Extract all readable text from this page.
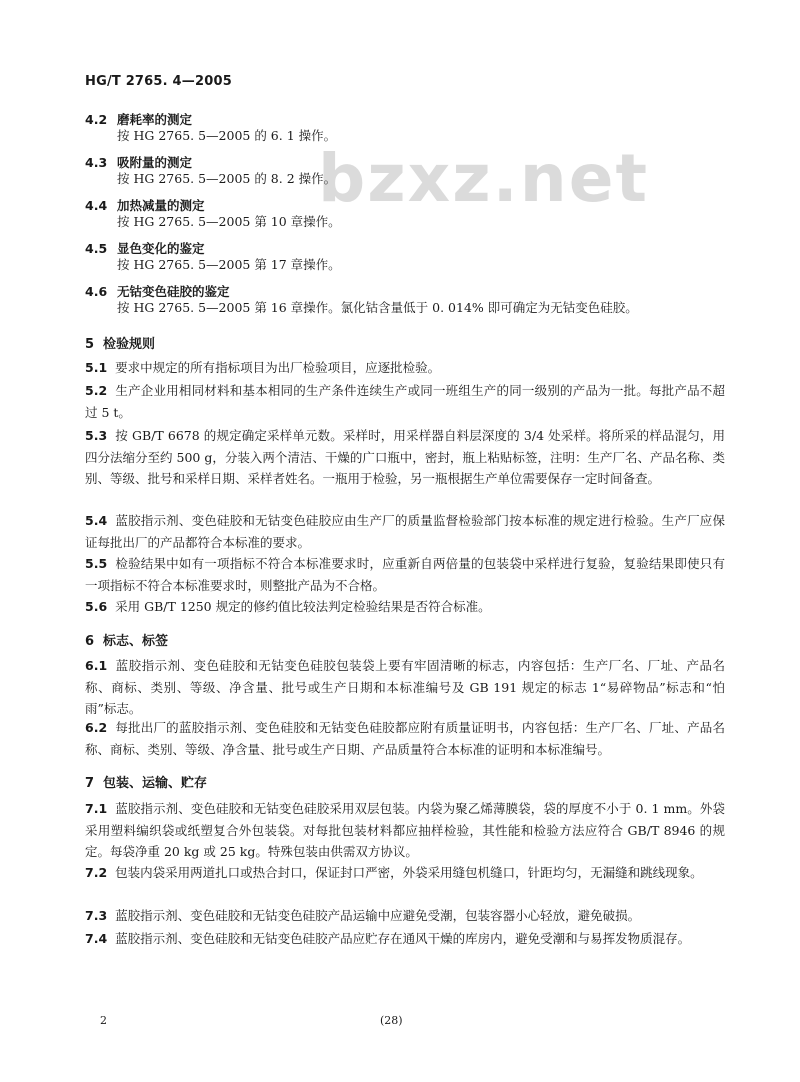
HG/T 2765. 4—2005
bzxz.net
4.2 磨耗率的测定
按 HG 2765. 5—2005 的 6. 1 操作。
4.3 吸附量的测定
按 HG 2765. 5—2005 的 8. 2 操作。
4.4 加热减量的测定
按 HG 2765. 5—2005 第 10 章操作。
4.5 显色变化的鉴定
按 HG 2765. 5—2005 第 17 章操作。
4.6 无钴变色硅胶的鉴定
按 HG 2765. 5—2005 第 16 章操作。氯化钴含量低于 0. 014% 即可确定为无钴变色硅胶。
5 检验规则
5.1 要求中规定的所有指标项目为出厂检验项目，应逐批检验。
5.2 生产企业用相同材料和基本相同的生产条件连续生产或同一班组生产的同一级别的产品为一批。每批产品不超过 5 t。
5.3 按 GB/T 6678 的规定确定采样单元数。采样时，用采样器自料层深度的 3/4 处采样。将所采的样品混匀，用四分法缩分至约 500 g，分装入两个清洁、干燥的广口瓶中，密封，瓶上粘贴标签，注明：生产厂名、产品名称、类别、等级、批号和采样日期、采样者姓名。一瓶用于检验，另一瓶根据生产单位需要保存一定时间备查。
5.4 蓝胶指示剂、变色硅胶和无钴变色硅胶应由生产厂的质量监督检验部门按本标准的规定进行检验。生产厂应保证每批出厂的产品都符合本标准的要求。
5.5 检验结果中如有一项指标不符合本标准要求时，应重新自两倍量的包装袋中采样进行复验，复验结果即使只有一项指标不符合本标准要求时，则整批产品为不合格。
5.6 采用 GB/T 1250 规定的修约值比较法判定检验结果是否符合标准。
6 标志、标签
6.1 蓝胶指示剂、变色硅胶和无钴变色硅胶包装袋上要有牢固清晰的标志，内容包括：生产厂名、厂址、产品名称、商标、类别、等级、净含量、批号或生产日期和本标准编号及 GB 191 规定的标志 1“易碎物品”标志和“怕雨”标志。
6.2 每批出厂的蓝胶指示剂、变色硅胶和无钴变色硅胶都应附有质量证明书，内容包括：生产厂名、厂址、产品名称、商标、类别、等级、净含量、批号或生产日期、产品质量符合本标准的证明和本标准编号。
7 包装、运输、贮存
7.1 蓝胶指示剂、变色硅胶和无钴变色硅胶采用双层包装。内袋为聚乙烯薄膜袋，袋的厚度不小于 0. 1 mm。外袋采用塑料编织袋或纸塑复合外包装袋。对每批包装材料都应抽样检验，其性能和检验方法应符合 GB/T 8946 的规定。每袋净重 20 kg 或 25 kg。特殊包装由供需双方协议。
7.2 包装内袋采用两道扎口或热合封口，保证封口严密，外袋采用缝包机缝口，针距均匀，无漏缝和跳线现象。
7.3 蓝胶指示剂、变色硅胶和无钴变色硅胶产品运输中应避免受潮，包装容器小心轻放，避免破损。
7.4 蓝胶指示剂、变色硅胶和无钴变色硅胶产品应贮存在通风干燥的库房内，避免受潮和与易挥发物质混存。
2	(28)
